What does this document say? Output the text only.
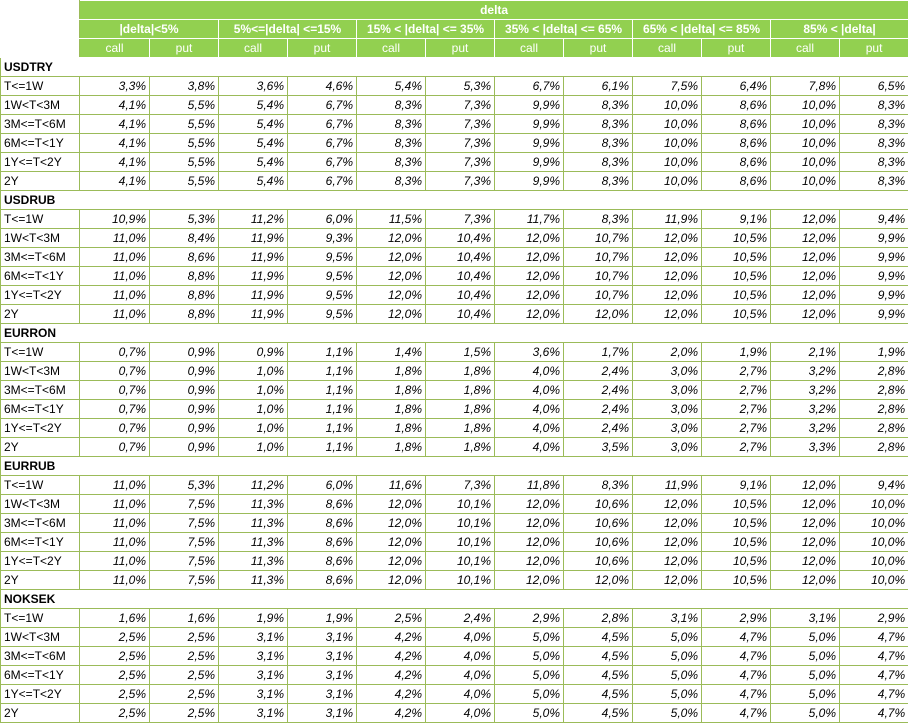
	delta											
	|delta|<5%		5%<=|delta| <=15%		15% < |delta| <= 35%		35% < |delta| <= 65%		65% < |delta| <= 85%		85% < |delta|	
	call	put	call	put	call	put	call	put	call	put	call	put
USDTRY												
T<=1W	3,3%	3,8%	3,6%	4,6%	5,4%	5,3%	6,7%	6,1%	7,5%	6,4%	7,8%	6,5%
1W<T<3M	4,1%	5,5%	5,4%	6,7%	8,3%	7,3%	9,9%	8,3%	10,0%	8,6%	10,0%	8,3%
3M<=T<6M	4,1%	5,5%	5,4%	6,7%	8,3%	7,3%	9,9%	8,3%	10,0%	8,6%	10,0%	8,3%
6M<=T<1Y	4,1%	5,5%	5,4%	6,7%	8,3%	7,3%	9,9%	8,3%	10,0%	8,6%	10,0%	8,3%
1Y<=T<2Y	4,1%	5,5%	5,4%	6,7%	8,3%	7,3%	9,9%	8,3%	10,0%	8,6%	10,0%	8,3%
2Y	4,1%	5,5%	5,4%	6,7%	8,3%	7,3%	9,9%	8,3%	10,0%	8,6%	10,0%	8,3%
USDRUB												
T<=1W	10,9%	5,3%	11,2%	6,0%	11,5%	7,3%	11,7%	8,3%	11,9%	9,1%	12,0%	9,4%
1W<T<3M	11,0%	8,4%	11,9%	9,3%	12,0%	10,4%	12,0%	10,7%	12,0%	10,5%	12,0%	9,9%
3M<=T<6M	11,0%	8,6%	11,9%	9,5%	12,0%	10,4%	12,0%	10,7%	12,0%	10,5%	12,0%	9,9%
6M<=T<1Y	11,0%	8,8%	11,9%	9,5%	12,0%	10,4%	12,0%	10,7%	12,0%	10,5%	12,0%	9,9%
1Y<=T<2Y	11,0%	8,8%	11,9%	9,5%	12,0%	10,4%	12,0%	10,7%	12,0%	10,5%	12,0%	9,9%
2Y	11,0%	8,8%	11,9%	9,5%	12,0%	10,4%	12,0%	12,0%	12,0%	10,5%	12,0%	9,9%
EURRON												
T<=1W	0,7%	0,9%	0,9%	1,1%	1,4%	1,5%	3,6%	1,7%	2,0%	1,9%	2,1%	1,9%
1W<T<3M	0,7%	0,9%	1,0%	1,1%	1,8%	1,8%	4,0%	2,4%	3,0%	2,7%	3,2%	2,8%
3M<=T<6M	0,7%	0,9%	1,0%	1,1%	1,8%	1,8%	4,0%	2,4%	3,0%	2,7%	3,2%	2,8%
6M<=T<1Y	0,7%	0,9%	1,0%	1,1%	1,8%	1,8%	4,0%	2,4%	3,0%	2,7%	3,2%	2,8%
1Y<=T<2Y	0,7%	0,9%	1,0%	1,1%	1,8%	1,8%	4,0%	2,4%	3,0%	2,7%	3,2%	2,8%
2Y	0,7%	0,9%	1,0%	1,1%	1,8%	1,8%	4,0%	3,5%	3,0%	2,7%	3,3%	2,8%
EURRUB												
T<=1W	11,0%	5,3%	11,2%	6,0%	11,6%	7,3%	11,8%	8,3%	11,9%	9,1%	12,0%	9,4%
1W<T<3M	11,0%	7,5%	11,3%	8,6%	12,0%	10,1%	12,0%	10,6%	12,0%	10,5%	12,0%	10,0%
3M<=T<6M	11,0%	7,5%	11,3%	8,6%	12,0%	10,1%	12,0%	10,6%	12,0%	10,5%	12,0%	10,0%
6M<=T<1Y	11,0%	7,5%	11,3%	8,6%	12,0%	10,1%	12,0%	10,6%	12,0%	10,5%	12,0%	10,0%
1Y<=T<2Y	11,0%	7,5%	11,3%	8,6%	12,0%	10,1%	12,0%	10,6%	12,0%	10,5%	12,0%	10,0%
2Y	11,0%	7,5%	11,3%	8,6%	12,0%	10,1%	12,0%	12,0%	12,0%	10,5%	12,0%	10,0%
NOKSEK												
T<=1W	1,6%	1,6%	1,9%	1,9%	2,5%	2,4%	2,9%	2,8%	3,1%	2,9%	3,1%	2,9%
1W<T<3M	2,5%	2,5%	3,1%	3,1%	4,2%	4,0%	5,0%	4,5%	5,0%	4,7%	5,0%	4,7%
3M<=T<6M	2,5%	2,5%	3,1%	3,1%	4,2%	4,0%	5,0%	4,5%	5,0%	4,7%	5,0%	4,7%
6M<=T<1Y	2,5%	2,5%	3,1%	3,1%	4,2%	4,0%	5,0%	4,5%	5,0%	4,7%	5,0%	4,7%
1Y<=T<2Y	2,5%	2,5%	3,1%	3,1%	4,2%	4,0%	5,0%	4,5%	5,0%	4,7%	5,0%	4,7%
2Y	2,5%	2,5%	3,1%	3,1%	4,2%	4,0%	5,0%	4,5%	5,0%	4,7%	5,0%	4,7%
